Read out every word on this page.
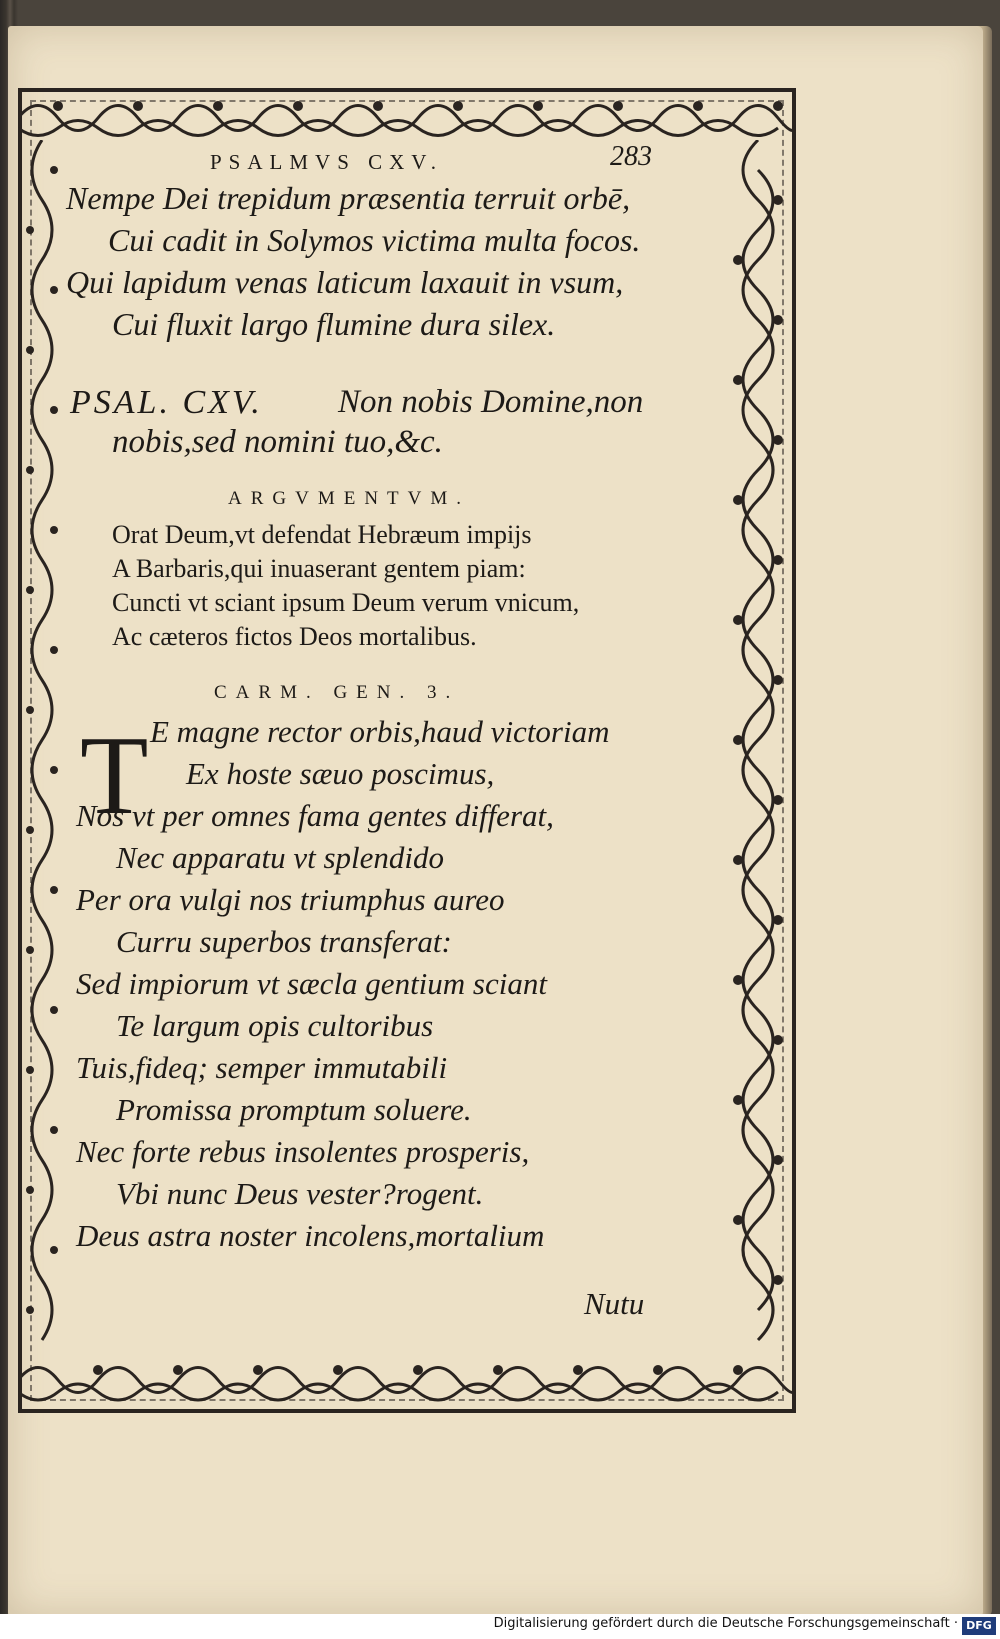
PSALMVS CXV.	283
Nempe Dei trepidum præsentia terruit orbē,
Cui cadit in Solymos victima multa focos.
Qui lapidum venas laticum laxauit in vsum,
Cui fluxit largo flumine dura silex.
PSAL. CXV. Non nobis Domine,non
nobis,sed nomini tuo,&c.
ARGVMENTVM.
Orat Deum,vt defendat Hebræum impijs
A Barbaris,qui inuaserant gentem piam:
Cuncti vt sciant ipsum Deum verum vnicum,
Ac cæteros fictos Deos mortalibus.
CARM. GEN. 3.
T E magne rector orbis,haud victoriam
Ex hoste sæuo poscimus,
Nos vt per omnes fama gentes differat,
Nec apparatu vt splendido
Per ora vulgi nos triumphus aureo
Curru superbos transferat:
Sed impiorum vt sæcla gentium sciant
Te largum opis cultoribus
Tuis,fideq; semper immutabili
Promissa promptum soluere.
Nec forte rebus insolentes prosperis,
Vbi nunc Deus vester?rogent.
Deus astra noster incolens,mortalium
Nutu
Digitalisierung gefördert durch die Deutsche Forschungsgemeinschaft · DFG
